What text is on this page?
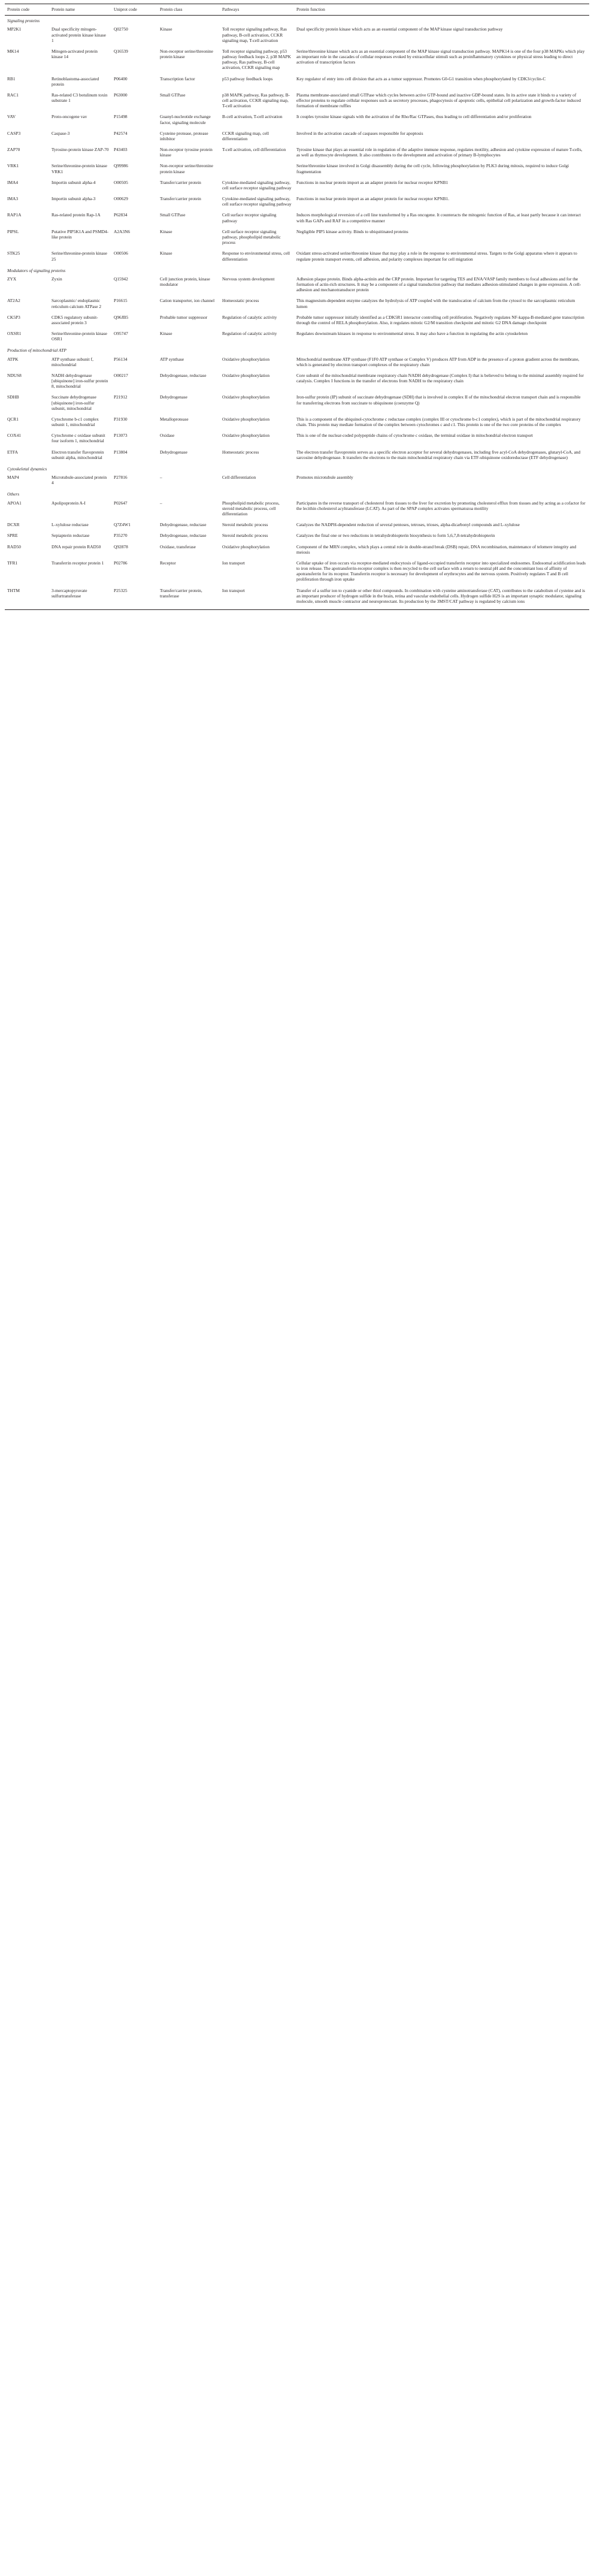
Protein code	Protein name	Uniprot code	Protein class	Pathways	Protein function
Signaling proteins					
MP2K1	Dual specificity mitogen-activated protein kinase kinase 1	Q02750	Kinase	Toll receptor signaling pathway, Ras pathway, B-cell activation, CCKR signaling map, T-cell activation	Dual specificity protein kinase which acts as an essential component of the MAP kinase signal transduction pathway
MK14	Mitogen-activated protein kinase 14	Q16539	Non-receptor serine/threonine protein kinase	Toll receptor signaling pathway, p53 pathway feedback loops 2, p38 MAPK pathway, Ras pathway, B-cell activation, CCKR signaling map	Serine/threonine kinase which acts as an essential component of the MAP kinase signal transduction pathway. MAPK14 is one of the four p38 MAPKs which play an important role in the cascades of cellular responses evoked by extracellular stimuli such as proinflammatory cytokines or physical stress leading to direct activation of transcription factors
RB1	Retinoblastoma-associated protein	P06400	Transcription factor	p53 pathway feedback loops	Key regulator of entry into cell division that acts as a tumor suppressor. Promotes G0-G1 transition when phosphorylated by CDK3/cyclin-C
RAC1	Ras-related C3 botulinum toxin substrate 1	P63000	Small GTPase	p38 MAPK pathway, Ras pathway, B-cell activation, CCKR signaling map, T-cell activation	Plasma membrane-associated small GTPase which cycles between active GTP-bound and inactive GDP-bound states. In its active state it binds to a variety of effector proteins to regulate cellular responses such as secretory processes, phagocytosis of apoptotic cells, epithelial cell polarization and growth-factor induced formation of membrane ruffles
VAV	Proto-oncogene vav	P15498	Guanyl-nucleotide exchange factor, signaling molecule	B-cell activation, T-cell activation	It couples tyrosine kinase signals with the activation of the Rho/Rac GTPases, thus leading to cell differentiation and/or proliferation
CASP3	Caspase-3	P42574	Cysteine protease, protease inhibitor	CCKR signaling map, cell differentiation	Involved in the activation cascade of caspases responsible for apoptosis
ZAP70	Tyrosine-protein kinase ZAP-70	P43403	Non-receptor tyrosine protein kinase	T-cell activation, cell differentiation	Tyrosine kinase that plays an essential role in regulation of the adaptive immune response, regulates motility, adhesion and cytokine expression of mature T-cells, as well as thymocyte development. It also contributes to the development and activation of primary B-lymphocytes
VRK1	Serine/threonine-protein kinase VRK1	Q99986	Non-receptor serine/threonine protein kinase		Serine/threonine kinase involved in Golgi disassembly during the cell cycle, following phosphorylation by PLK3 during mitosis, required to induce Golgi fragmentation
IMA4	Importin subunit alpha-4	O00505	Transfer/carrier protein	Cytokine-mediated signaling pathway, cell surface receptor signaling pathway	Functions in nuclear protein import as an adapter protein for nuclear receptor KPNB1
IMA3	Importin subunit alpha-3	O00629	Transfer/carrier protein	Cytokine-mediated signaling pathway, cell surface receptor signaling pathway	Functions in nuclear protein import as an adapter protein for nuclear receptor KPNB1.
RAP1A	Ras-related protein Rap-1A	P62834	Small GTPase	Cell surface receptor signaling pathway	Induces morphological reversion of a cell line transformed by a Ras oncogene. It counteracts the mitogenic function of Ras, at least partly because it can interact with Ras GAPs and RAF in a competitive manner
PIPSL	Putative PIP5K1A and PSMD4-like protein	A2A3N6	Kinase	Cell surface receptor signaling pathway, phospholipid metabolic process	Negligible PIP5 kinase activity. Binds to ubiquitinated proteins
STK25	Serine/threonine-protein kinase 25	O00506	Kinase	Response to environmental stress, cell differentiation	Oxidant stress-activated serine/threonine kinase that may play a role in the response to environmental stress. Targets to the Golgi apparatus where it appears to regulate protein transport events, cell adhesion, and polarity complexes important for cell migration
Modulators of signaling proteins					
ZYX	Zyxin	Q15942	Cell junction protein, kinase modulator	Nervous system development	Adhesion plaque protein. Binds alpha-actinin and the CRP protein. Important for targeting TES and ENA/VASP family members to focal adhesions and for the formation of actin-rich structures. It may be a component of a signal transduction pathway that mediates adhesion-stimulated changes in gene expression. A cell-adhesion and mechanotransducer protein
AT2A2	Sarcoplasmic/ endoplasmic reticulum calcium ATPase 2	P16615	Cation transporter, ion channel	Homeostatic process	This magnesium-dependent enzyme catalyzes the hydrolysis of ATP coupled with the translocation of calcium from the cytosol to the sarcoplasmic reticulum lumen
CK5P3	CDK5 regulatory subunit-associated protein 3	Q96JB5	Probable tumor suppressor	Regulation of catalytic activity	Probable tumor suppressor initially identified as a CDK5R1 interactor controlling cell proliferation. Negatively regulates NF-kappa-B-mediated gene transcription through the control of RELA phosphorylation. Also, it regulates mitotic G2/M transition checkpoint and mitotic G2 DNA damage checkpoint
OXSR1	Serine/threonine-protein kinase OSR1	O95747	Kinase	Regulation of catalytic activity	Regulates downstream kinases in response to environmental stress. It may also have a function in regulating the actin cytoskeleton
Production of mitochondrial ATP					
ATPK	ATP synthase subunit f, mitochondrial	P56134	ATP synthase	Oxidative phosphorylation	Mitochondrial membrane ATP synthase (F1F0 ATP synthase or Complex V) produces ATP from ADP in the presence of a proton gradient across the membrane, which is generated by electron transport complexes of the respiratory chain
NDUS8	NADH dehydrogenase [ubiquinone] iron-sulfur protein 8, mitochondrial	O00217	Dehydrogenase, reductase	Oxidative phosphorylation	Core subunit of the mitochondrial membrane respiratory chain NADH dehydrogenase (Complex I) that is believed to belong to the minimal assembly required for catalysis. Complex I functions in the transfer of electrons from NADH to the respiratory chain
SDHB	Succinate dehydrogenase [ubiquinone] iron-sulfur subunit, mitochondrial	P21912	Dehydrogenase	Oxidative phosphorylation	Iron-sulfur protein (IP) subunit of succinate dehydrogenase (SDH) that is involved in complex II of the mitochondrial electron transport chain and is responsible for transferring electrons from succinate to ubiquinone (coenzyme Q)
QCR1	Cytochrome b-c1 complex subunit 1, mitochondrial	P31930	Metalloprotease	Oxidative phosphorylation	This is a component of the ubiquinol-cytochrome c reductase complex (complex III or cytochrome b-c1 complex), which is part of the mitochondrial respiratory chain. This protein may mediate formation of the complex between cytochromes c and c1. This protein is one of the two core proteins of the complex
COX41	Cytochrome c oxidase subunit four isoform 1, mitochondrial	P13073	Oxidase	Oxidative phosphorylation	This is one of the nuclear-coded polypeptide chains of cytochrome c oxidase, the terminal oxidase in mitochondrial electron transport
ETFA	Electron transfer flavoprotein subunit alpha, mitochondrial	P13804	Dehydrogenase	Homeostatic process	The electron transfer flavoprotein serves as a specific electron acceptor for several dehydrogenases, including five acyl-CoA dehydrogenases, glutaryl-CoA, and sarcosine dehydrogenase. It transfers the electrons to the main mitochondrial respiratory chain via ETF-ubiquinone oxidoreductase (ETF dehydrogenase)
Cytoskeletal dynamics					
MAP4	Microtubule-associated protein 4	P27816	–	Cell differentiation	Promotes microtubule assembly
Others					
APOA1	Apolipoprotein A-I	P02647	–	Phospholipid metabolic process, steroid metabolic process, cell differentiation	Participates in the reverse transport of cholesterol from tissues to the liver for excretion by promoting cholesterol efflux from tissues and by acting as a cofactor for the lecithin cholesterol acyltransferase (LCAT). As part of the SPAP complex activates spermatozoa motility
DCXR	L-xylulose reductase	Q7Z4W1	Dehydrogenase, reductase	Steroid metabolic process	Catalyzes the NADPH-dependent reduction of several pentoses, tetroses, trioses, alpha-dicarbonyl compounds and L-xylulose
SPRE	Sepiapterin reductase	P35270	Dehydrogenase, reductase	Steroid metabolic process	Catalyzes the final one or two reductions in tetrahydrobiopterin biosynthesis to form 5,6,7,8-tetrahydrobiopterin
RAD50	DNA repair protein RAD50	Q92878	Oxidase, transferase	Oxidative phosphorylation	Component of the MRN complex, which plays a central role in double-strand break (DSB) repair, DNA recombination, maintenance of telomere integrity and meiosis
TFR1	Transferrin receptor protein 1	P02786	Receptor	Ion transport	Cellular uptake of iron occurs via receptor-mediated endocytosis of ligand-occupied transferrin receptor into specialized endosomes. Endosomal acidification leads to iron release. The apotransferrin-receptor complex is then recycled to the cell surface with a return to neutral pH and the concomitant loss of affinity of apotransferrin for its receptor. Transferrin receptor is necessary for development of erythrocytes and the nervous system. Positively regulates T and B cell proliferation through iron uptake
THTM	3-mercaptopyruvate sulfurtransferase	P25325	Transfer/carrier protein, transferase	Ion transport	Transfer of a sulfur ion to cyanide or other thiol compounds. In combination with cysteine aminotransferase (CAT), contributes to the catabolism of cysteine and is an important producer of hydrogen sulfide in the brain, retina and vascular endothelial cells. Hydrogen sulfide H2S is an important synaptic modulator, signaling molecule, smooth muscle contractor and neuroprotectant. Its production by the 3MST/CAT pathway is regulated by calcium ions
